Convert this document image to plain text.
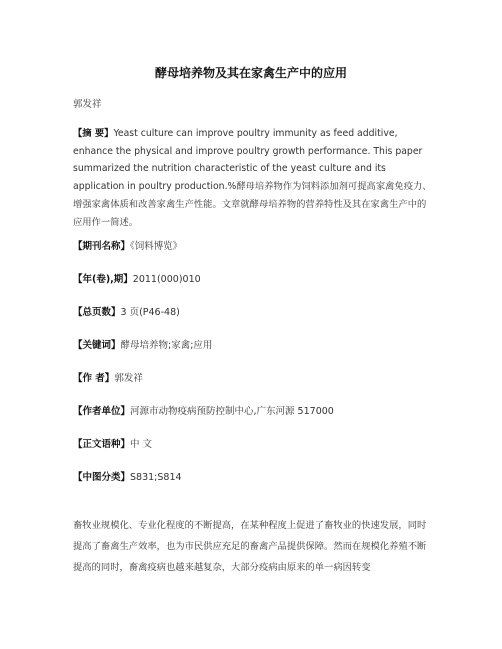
酵母培养物及其在家禽生产中的应用
郭发祥

【摘 要】Yeast culture can improve poultry immunity as feed additive, enhance the physical and improve poultry growth performance. This paper summarized the nutrition characteristic of the yeast culture and its application in poultry production.%酵母培养物作为饲料添加剂可提高家禽免疫力、增强家禽体质和改善家禽生产性能。文章就酵母培养物的营养特性及其在家禽生产中的应用作一简述。

【期刊名称】《饲料博览》
【年(卷),期】2011(000)010
【总页数】3 页(P46-48)
【关键词】酵母培养物;家禽;应用
【作 者】郭发祥
【作者单位】河源市动物疫病预防控制中心,广东河源 517000
【正文语种】中 文
【中图分类】S831;S814

畜牧业规模化、专业化程度的不断提高，在某种程度上促进了畜牧业的快速发展，同时提高了畜禽生产效率，也为市民供应充足的畜禽产品提供保障。然而在规模化养殖不断提高的同时，畜禽疫病也越来越复杂，大部分疫病由原来的单一病因转变
